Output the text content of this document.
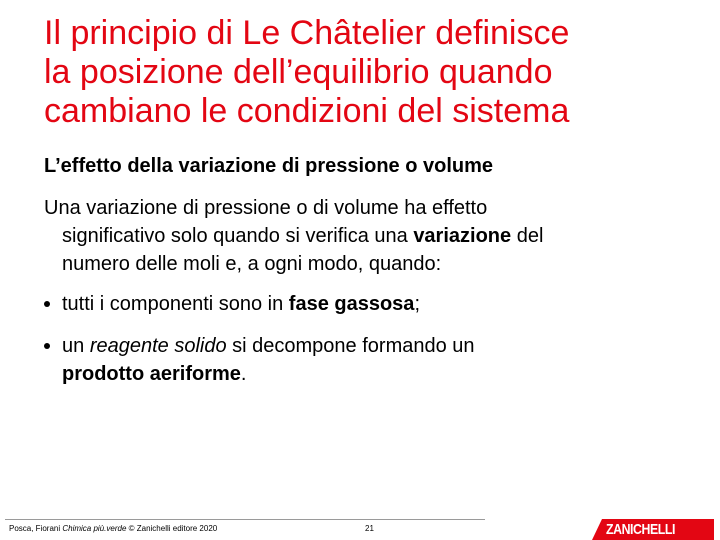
Il principio di Le Châtelier definisce
la posizione dell’equilibrio quando
cambiano le condizioni del sistema
L’effetto della variazione di pressione o volume
Una variazione di pressione o di volume ha effetto
significativo solo quando si verifica una variazione del
numero delle moli e, a ogni modo, quando:
tutti i componenti sono in fase gassosa;
un reagente solido si decompone formando un
prodotto aeriforme.
Posca, Fiorani Chimica più.verde © Zanichelli editore 2020	21	ZANICHELLI
